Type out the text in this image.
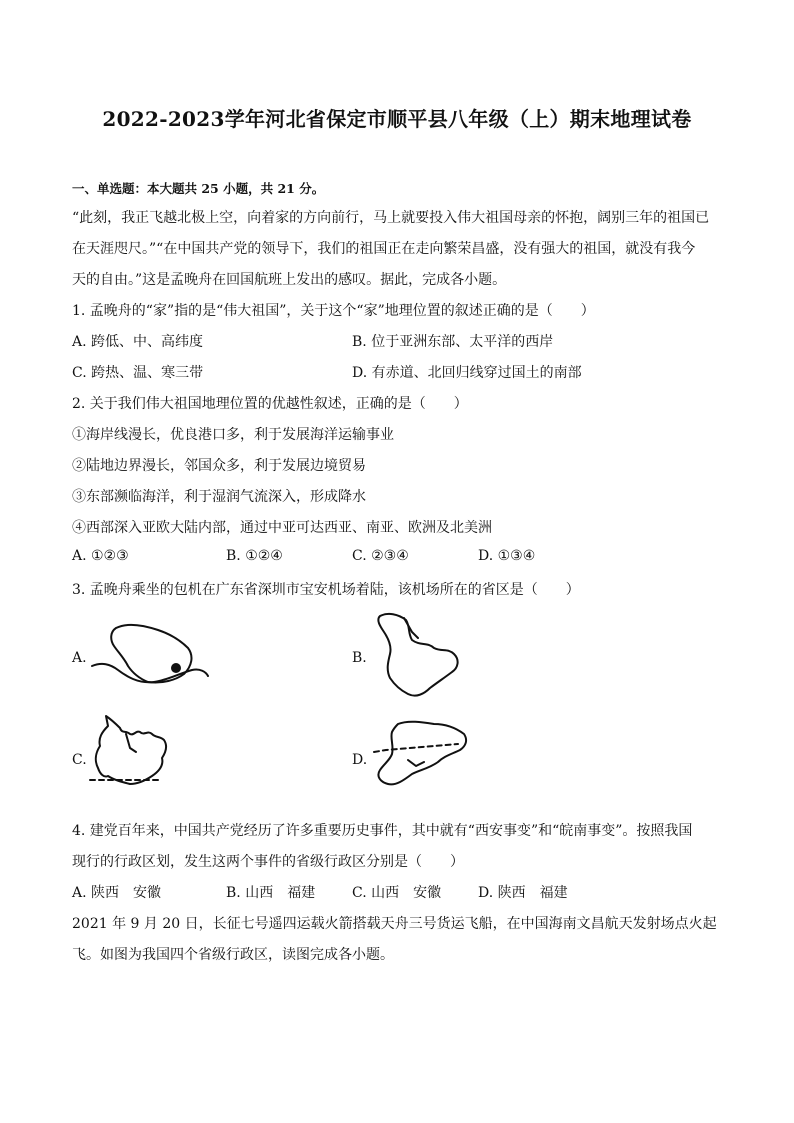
2022-2023学年河北省保定市顺平县八年级（上）期末地理试卷
一、单选题：本大题共 25 小题，共 21 分。
“此刻，我正飞越北极上空，向着家的方向前行，马上就要投入伟大祖国母亲的怀抱，阔别三年的祖国已
在天涯咫尺。”“在中国共产党的领导下，我们的祖国正在走向繁荣昌盛，没有强大的祖国，就没有我今
天的自由。”这是孟晚舟在回国航班上发出的感叹。据此，完成各小题。
1. 孟晚舟的“家”指的是“伟大祖国”，关于这个“家”地理位置的叙述正确的是（　　）
A. 跨低、中、高纬度	B. 位于亚洲东部、太平洋的西岸
C. 跨热、温、寒三带	D. 有赤道、北回归线穿过国土的南部
2. 关于我们伟大祖国地理位置的优越性叙述，正确的是（　　）
①海岸线漫长，优良港口多，利于发展海洋运输事业
②陆地边界漫长，邻国众多，利于发展边境贸易
③东部濒临海洋，利于湿润气流深入，形成降水
④西部深入亚欧大陆内部，通过中亚可达西亚、南亚、欧洲及北美洲
A. ①②③	B. ①②④	C. ②③④	D. ①③④
3. 孟晚舟乘坐的包机在广东省深圳市宝安机场着陆，该机场所在的省区是（　　）
A.	B.
C.	D.
4. 建党百年来，中国共产党经历了许多重要历史事件，其中就有“西安事变”和“皖南事变”。按照我国
现行的行政区划，发生这两个事件的省级行政区分别是（　　）
A. 陕西　安徽	B. 山西　福建	C. 山西　安徽	D. 陕西　福建
2021 年 9 月 20 日，长征七号遥四运载火箭搭载天舟三号货运飞船，在中国海南文昌航天发射场点火起
飞。如图为我国四个省级行政区，读图完成各小题。
